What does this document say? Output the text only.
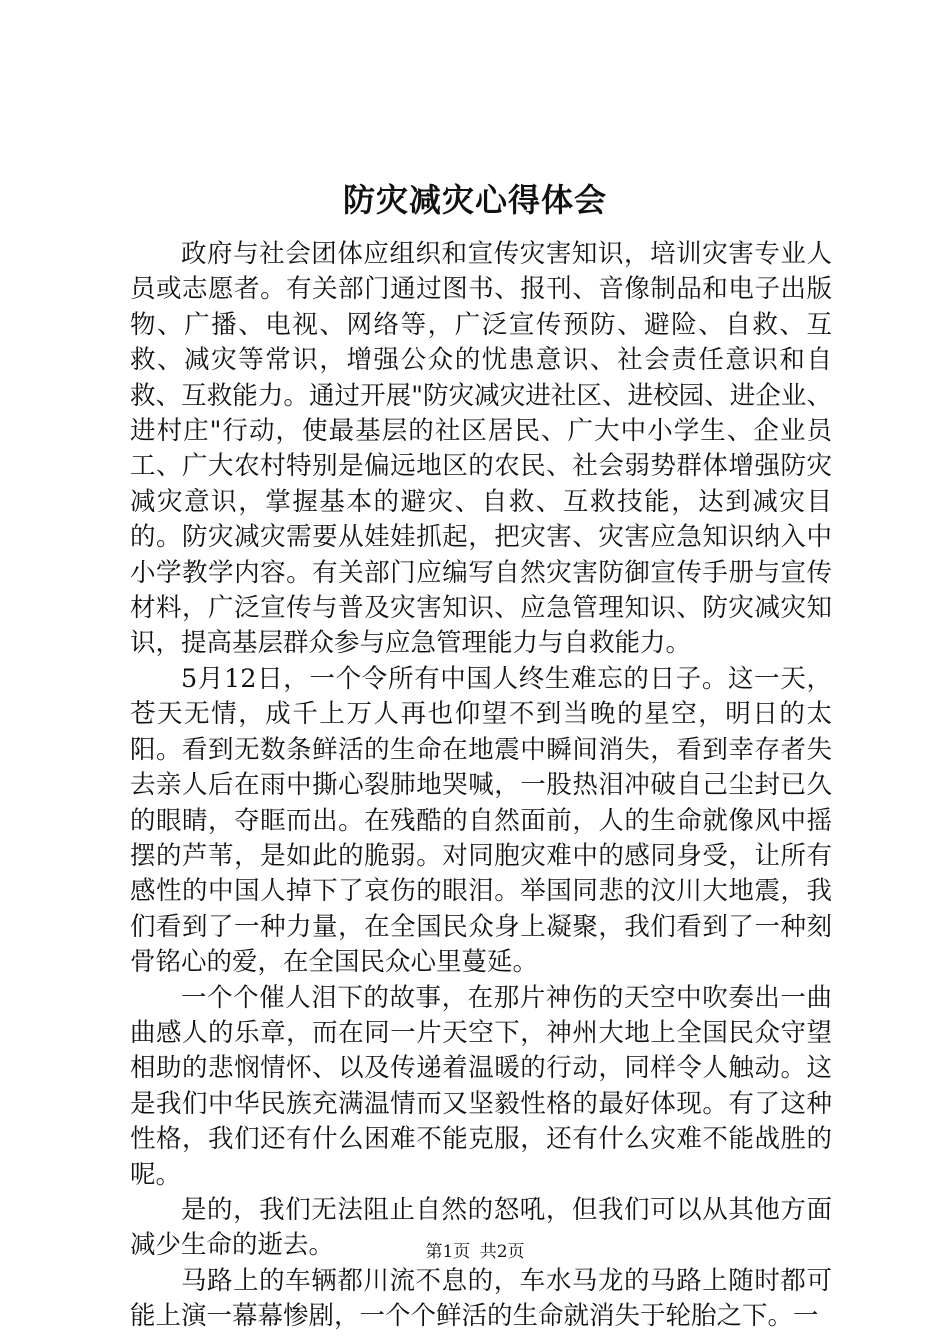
防灾减灾心得体会

政府与社会团体应组织和宣传灾害知识，培训灾害专业人员或志愿者。有关部门通过图书、报刊、音像制品和电子出版物、广播、电视、网络等，广泛宣传预防、避险、自救、互救、减灾等常识，增强公众的忧患意识、社会责任意识和自救、互救能力。通过开展"防灾减灾进社区、进校园、进企业、进村庄"行动，使最基层的社区居民、广大中小学生、企业员工、广大农村特别是偏远地区的农民、社会弱势群体增强防灾减灾意识，掌握基本的避灾、自救、互救技能，达到减灾目的。防灾减灾需要从娃娃抓起，把灾害、灾害应急知识纳入中小学教学内容。有关部门应编写自然灾害防御宣传手册与宣传材料，广泛宣传与普及灾害知识、应急管理知识、防灾减灾知识，提高基层群众参与应急管理能力与自救能力。

5月12日，一个令所有中国人终生难忘的日子。这一天，苍天无情，成千上万人再也仰望不到当晚的星空，明日的太阳。看到无数条鲜活的生命在地震中瞬间消失，看到幸存者失去亲人后在雨中撕心裂肺地哭喊，一股热泪冲破自己尘封已久的眼睛，夺眶而出。在残酷的自然面前，人的生命就像风中摇摆的芦苇，是如此的脆弱。对同胞灾难中的感同身受，让所有感性的中国人掉下了哀伤的眼泪。举国同悲的汶川大地震，我们看到了一种力量，在全国民众身上凝聚，我们看到了一种刻骨铭心的爱，在全国民众心里蔓延。

一个个催人泪下的故事，在那片神伤的天空中吹奏出一曲曲感人的乐章，而在同一片天空下，神州大地上全国民众守望相助的悲悯情怀、以及传递着温暖的行动，同样令人触动。这是我们中华民族充满温情而又坚毅性格的最好体现。有了这种性格，我们还有什么困难不能克服，还有什么灾难不能战胜的呢。

是的，我们无法阻止自然的怒吼，但我们可以从其他方面减少生命的逝去。

马路上的车辆都川流不息的，车水马龙的马路上随时都可能上演一幕幕惨剧，一个个鲜活的生命就消失于轮胎之下。一

第1页 共2页
